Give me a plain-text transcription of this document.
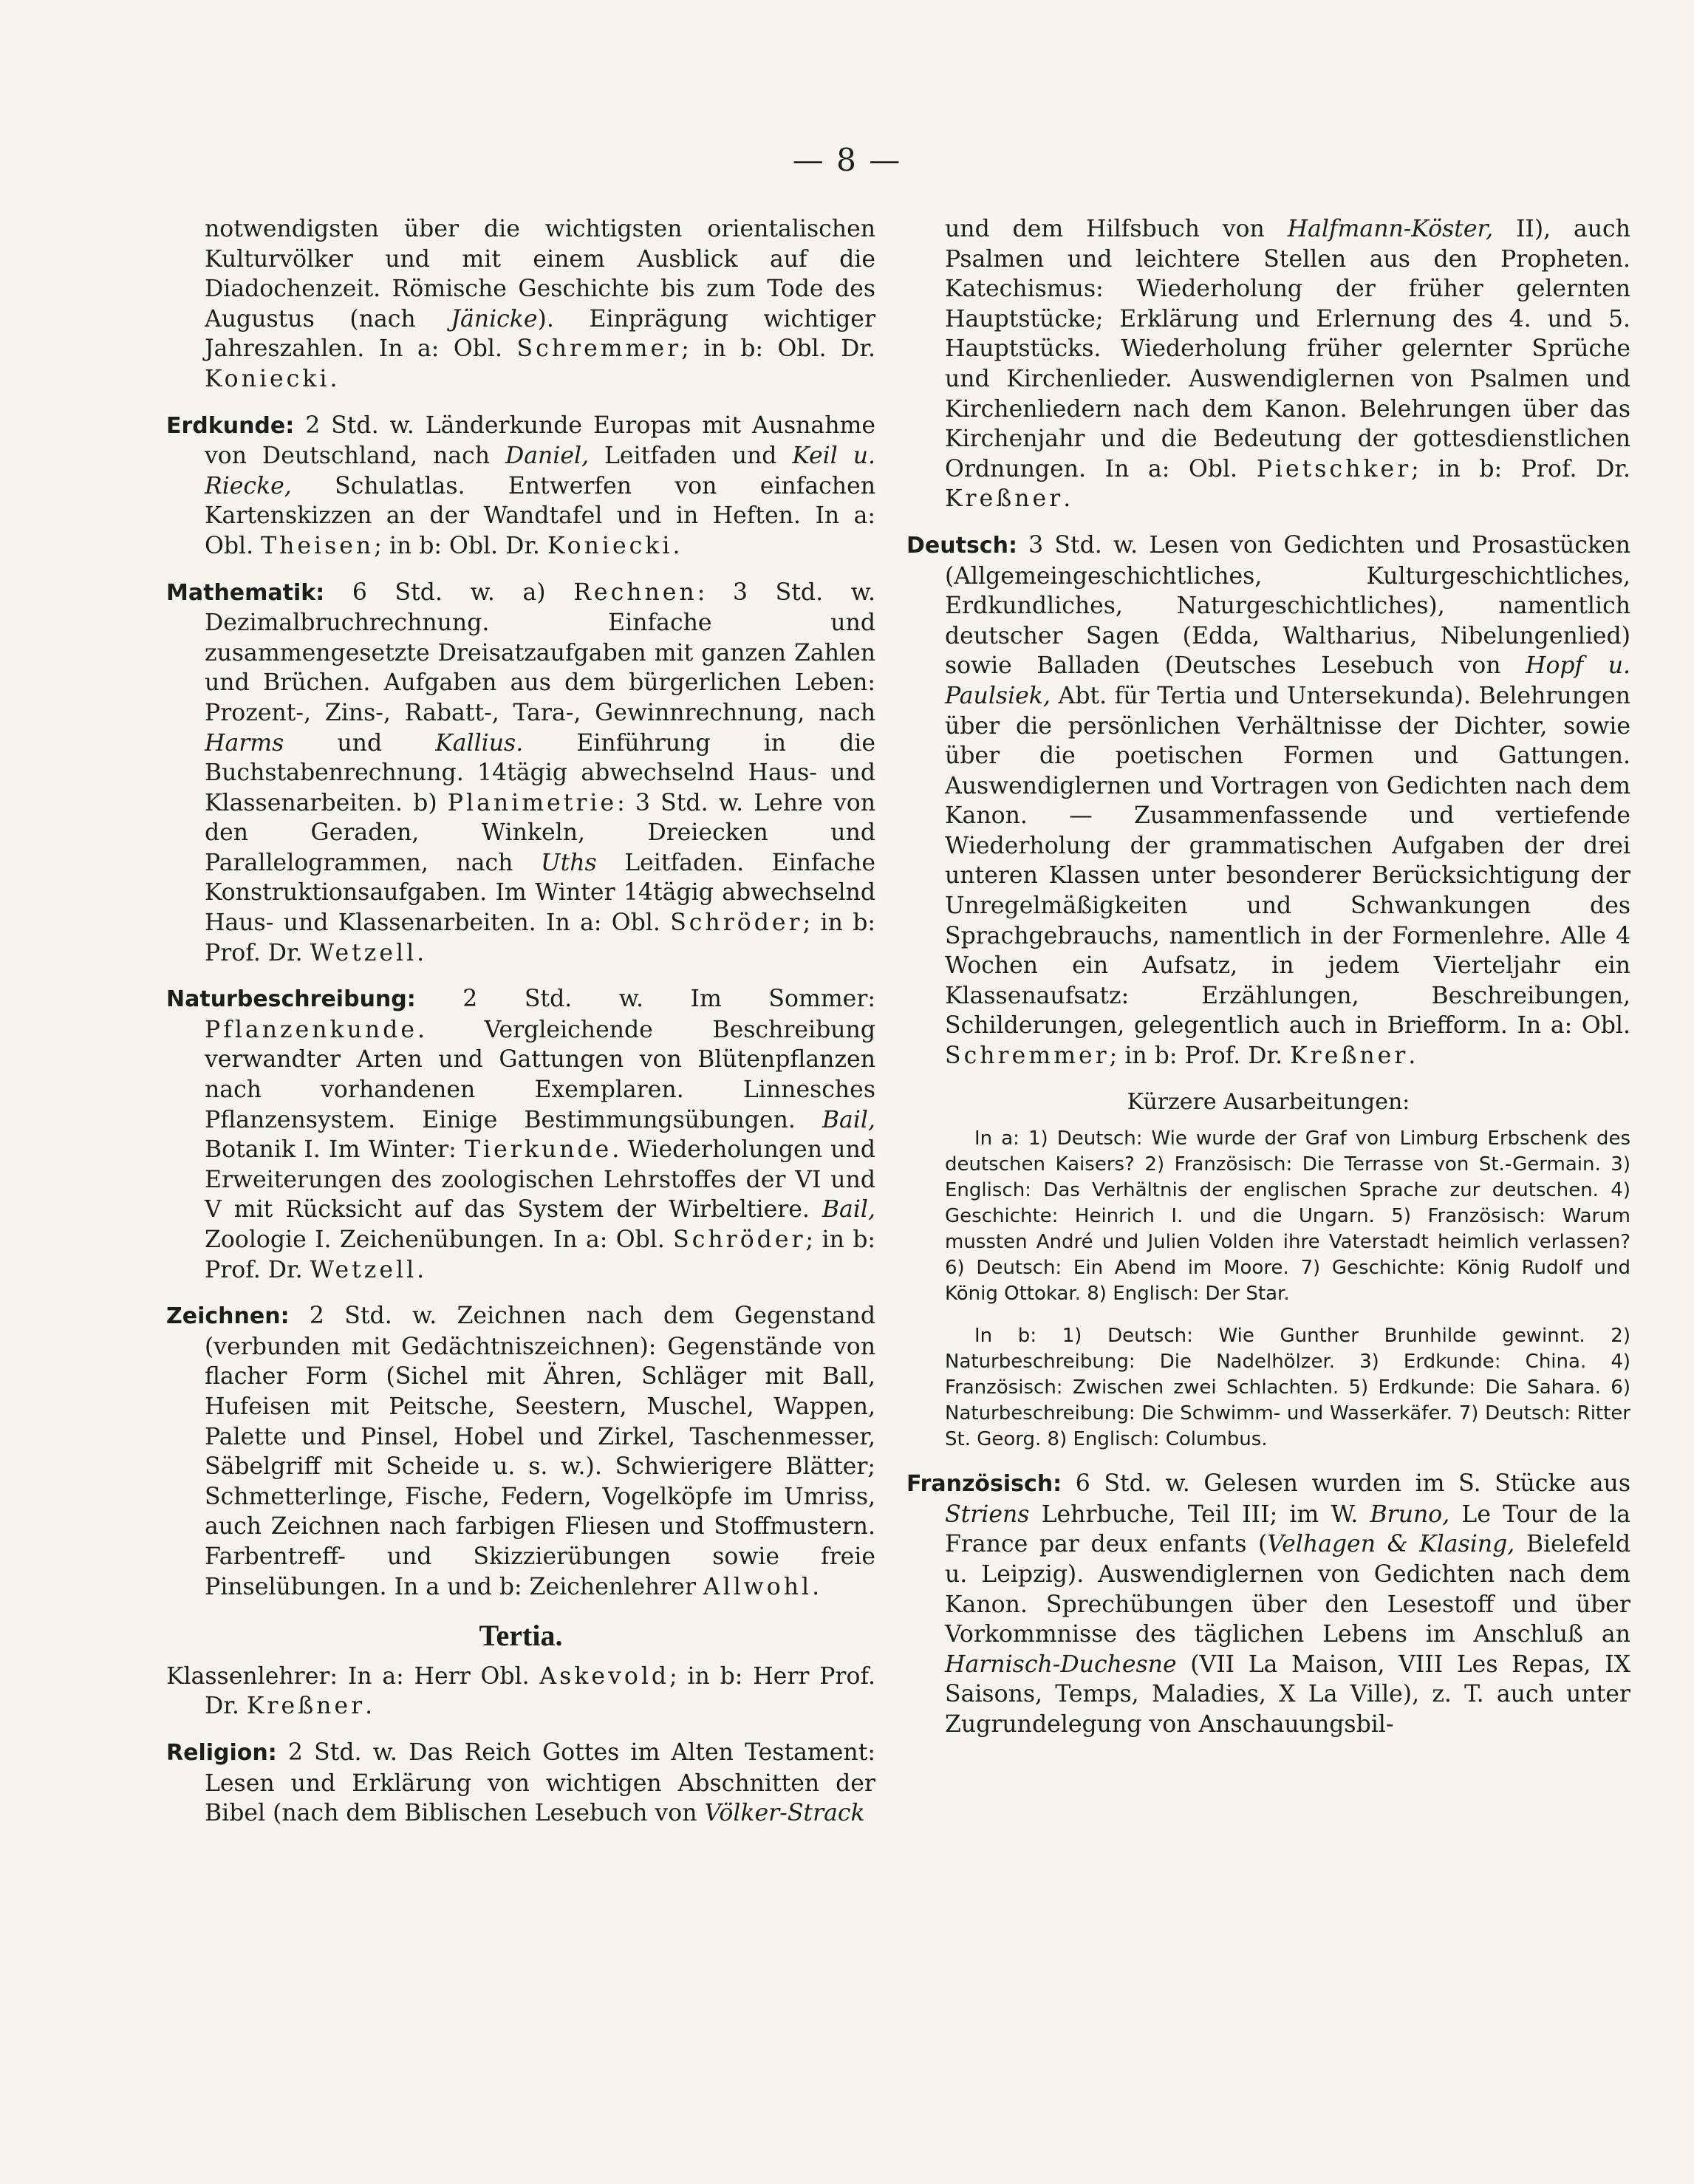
— 8 —

notwendigsten über die wichtigsten orientalischen Kulturvölker und mit einem Ausblick auf die Diadochenzeit. Römische Geschichte bis zum Tode des Augustus (nach Jänicke). Einprägung wichtiger Jahreszahlen. In a: Obl. Schremmer; in b: Obl. Dr. Koniecki.

Erdkunde: 2 Std. w. Länderkunde Europas mit Ausnahme von Deutschland, nach Daniel, Leitfaden und Keil u. Riecke, Schulatlas. Entwerfen von einfachen Kartenskizzen an der Wandtafel und in Heften. In a: Obl. Theisen; in b: Obl. Dr. Koniecki.

Mathematik: 6 Std. w. a) Rechnen: 3 Std. w. Dezimalbruchrechnung. Einfache und zusammengesetzte Dreisatzaufgaben mit ganzen Zahlen und Brüchen. Aufgaben aus dem bürgerlichen Leben: Prozent-, Zins-, Rabatt-, Tara-, Gewinnrechnung, nach Harms und Kallius. Einführung in die Buchstabenrechnung. 14tägig abwechselnd Haus- und Klassenarbeiten. b) Planimetrie: 3 Std. w. Lehre von den Geraden, Winkeln, Dreiecken und Parallelogrammen, nach Uths Leitfaden. Einfache Konstruktionsaufgaben. Im Winter 14tägig abwechselnd Haus- und Klassenarbeiten. In a: Obl. Schröder; in b: Prof. Dr. Wetzell.

Naturbeschreibung: 2 Std. w. Im Sommer: Pflanzenkunde. Vergleichende Beschreibung verwandter Arten und Gattungen von Blütenpflanzen nach vorhandenen Exemplaren. Linnesches Pflanzensystem. Einige Bestimmungsübungen. Bail, Botanik I. Im Winter: Tierkunde. Wiederholungen und Erweiterungen des zoologischen Lehrstoffes der VI und V mit Rücksicht auf das System der Wirbeltiere. Bail, Zoologie I. Zeichenübungen. In a: Obl. Schröder; in b: Prof. Dr. Wetzell.

Zeichnen: 2 Std. w. Zeichnen nach dem Gegenstand (verbunden mit Gedächtniszeichnen): Gegenstände von flacher Form (Sichel mit Ähren, Schläger mit Ball, Hufeisen mit Peitsche, Seestern, Muschel, Wappen, Palette und Pinsel, Hobel und Zirkel, Taschenmesser, Säbelgriff mit Scheide u. s. w.). Schwierigere Blätter; Schmetterlinge, Fische, Federn, Vogelköpfe im Umriss, auch Zeichnen nach farbigen Fliesen und Stoffmustern. Farbentreff- und Skizzierübungen sowie freie Pinselübungen. In a und b: Zeichenlehrer Allwohl.

Tertia.

Klassenlehrer: In a: Herr Obl. Askevold; in b: Herr Prof. Dr. Kreßner.

Religion: 2 Std. w. Das Reich Gottes im Alten Testament: Lesen und Erklärung von wichtigen Abschnitten der Bibel (nach dem Biblischen Lesebuch von Völker-Strack

und dem Hilfsbuch von Halfmann-Köster, II), auch Psalmen und leichtere Stellen aus den Propheten. Katechismus: Wiederholung der früher gelernten Hauptstücke; Erklärung und Erlernung des 4. und 5. Hauptstücks. Wiederholung früher gelernter Sprüche und Kirchenlieder. Auswendiglernen von Psalmen und Kirchenliedern nach dem Kanon. Belehrungen über das Kirchenjahr und die Bedeutung der gottesdienstlichen Ordnungen. In a: Obl. Pietschker; in b: Prof. Dr. Kreßner.

Deutsch: 3 Std. w. Lesen von Gedichten und Prosastücken (Allgemeingeschichtliches, Kulturgeschichtliches, Erdkundliches, Naturgeschichtliches), namentlich deutscher Sagen (Edda, Waltharius, Nibelungenlied) sowie Balladen (Deutsches Lesebuch von Hopf u. Paulsiek, Abt. für Tertia und Untersekunda). Belehrungen über die persönlichen Verhältnisse der Dichter, sowie über die poetischen Formen und Gattungen. Auswendiglernen und Vortragen von Gedichten nach dem Kanon. — Zusammenfassende und vertiefende Wiederholung der grammatischen Aufgaben der drei unteren Klassen unter besonderer Berücksichtigung der Unregelmäßigkeiten und Schwankungen des Sprachgebrauchs, namentlich in der Formenlehre. Alle 4 Wochen ein Aufsatz, in jedem Vierteljahr ein Klassenaufsatz: Erzählungen, Beschreibungen, Schilderungen, gelegentlich auch in Briefform. In a: Obl. Schremmer; in b: Prof. Dr. Kreßner.

Kürzere Ausarbeitungen:

In a: 1) Deutsch: Wie wurde der Graf von Limburg Erbschenk des deutschen Kaisers? 2) Französisch: Die Terrasse von St.-Germain. 3) Englisch: Das Verhältnis der englischen Sprache zur deutschen. 4) Geschichte: Heinrich I. und die Ungarn. 5) Französisch: Warum mussten André und Julien Volden ihre Vaterstadt heimlich verlassen? 6) Deutsch: Ein Abend im Moore. 7) Geschichte: König Rudolf und König Ottokar. 8) Englisch: Der Star.

In b: 1) Deutsch: Wie Gunther Brunhilde gewinnt. 2) Naturbeschreibung: Die Nadelhölzer. 3) Erdkunde: China. 4) Französisch: Zwischen zwei Schlachten. 5) Erdkunde: Die Sahara. 6) Naturbeschreibung: Die Schwimm- und Wasserkäfer. 7) Deutsch: Ritter St. Georg. 8) Englisch: Columbus.

Französisch: 6 Std. w. Gelesen wurden im S. Stücke aus Striens Lehrbuche, Teil III; im W. Bruno, Le Tour de la France par deux enfants (Velhagen & Klasing, Bielefeld u. Leipzig). Auswendiglernen von Gedichten nach dem Kanon. Sprechübungen über den Lesestoff und über Vorkommnisse des täglichen Lebens im Anschluß an Harnisch-Duchesne (VII La Maison, VIII Les Repas, IX Saisons, Temps, Maladies, X La Ville), z. T. auch unter Zugrundelegung von Anschauungsbil-
